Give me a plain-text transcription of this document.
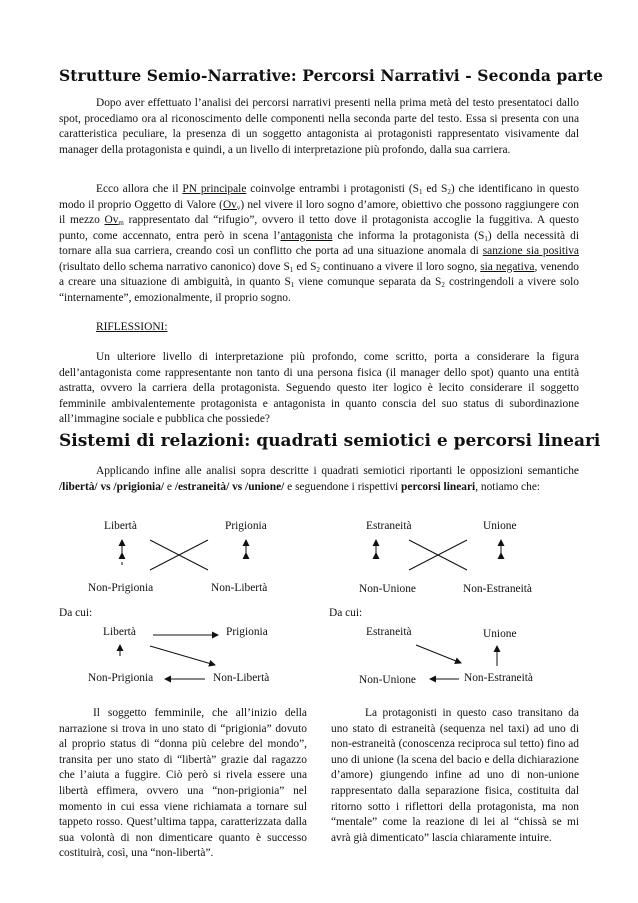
Strutture Semio-Narrative: Percorsi Narrativi - Seconda parte

Dopo aver effettuato l’analisi dei percorsi narrativi presenti nella prima metà del testo presentatoci dallo spot, procediamo ora al riconoscimento delle componenti nella seconda parte del testo. Essa si presenta con una caratteristica peculiare, la presenza di un soggetto antagonista ai protagonisti rappresentato visivamente dal manager della protagonista e quindi, a un livello di interpretazione più profondo, dalla sua carriera.

Ecco allora che il PN principale coinvolge entrambi i protagonisti ($S_1$ ed $S_2$) che identificano in questo modo il proprio Oggetto di Valore $(Ov_v)$ nel vivere il loro sogno d’amore, obiettivo che possono raggiungere con il mezzo $Ov_m$ rappresentato dal “rifugio”, ovvero il tetto dove il protagonista accoglie la fuggitiva. A questo punto, come accennato, entra però in scena l’antagonista che informa la protagonista $(S_1)$ della necessità di tornare alla sua carriera, creando così un conflitto che porta ad una situazione anomala di sanzione sia positiva (risultato dello schema narrativo canonico) dove $S_1$ ed $S_2$ continuano a vivere il loro sogno, sia negativa, venendo a creare una situazione di ambiguità, in quanto $S_1$ viene comunque separata da $S_2$ costringendoli a vivere solo “internamente”, emozionalmente, il proprio sogno.

RIFLESSIONI:

Un ulteriore livello di interpretazione più profondo, come scritto, porta a considerare la figura dell’antagonista come rappresentante non tanto di una persona fisica (il manager dello spot) quanto una entità astratta, ovvero la carriera della protagonista. Seguendo questo iter logico è lecito considerare il soggetto femminile ambivalentemente protagonista e antagonista in quanto conscia del suo status di subordinazione all’immagine sociale e pubblica che possiede?

Sistemi di relazioni: quadrati semiotici e percorsi lineari

Applicando infine alle analisi sopra descritte i quadrati semiotici riportanti le opposizioni semantiche /libertà/ vs /prigionia/ e /estraneità/ vs /unione/ e seguendone i rispettivi percorsi lineari, notiamo che:

Libertà	Prigionia
Non-Prigionia	Non-Libertà
Estraneità	Unione
Non-Unione	Non-Estraneità
Da cui:	Da cui:
Libertà	Prigionia
Non-Prigionia	Non-Libertà
Estraneità	Unione
Non-Unione	Non-Estraneità

Il soggetto femminile, che all’inizio della narrazione si trova in uno stato di “prigionia” dovuto al proprio status di “donna più celebre del mondo”, transita per uno stato di “libertà” grazie dal ragazzo che l’aiuta a fuggire. Ciò però si rivela essere una libertà effimera, ovvero una “non-prigionia” nel momento in cui essa viene richiamata a tornare sul tappeto rosso. Quest’ultima tappa, caratterizzata dalla sua volontà di non dimenticare quanto è successo costituirà, così, una “non-libertà”.

La protagonisti in questo caso transitano da uno stato di estraneità (sequenza nel taxi) ad uno di non-estraneità (conoscenza reciproca sul tetto) fino ad uno di unione (la scena del bacio e della dichiarazione d’amore) giungendo infine ad uno di non-unione rappresentato dalla separazione fisica, costituita dal ritorno sotto i riflettori della protagonista, ma non “mentale” come la reazione di lei al “chissà se mi avrà già dimenticato” lascia chiaramente intuire.
